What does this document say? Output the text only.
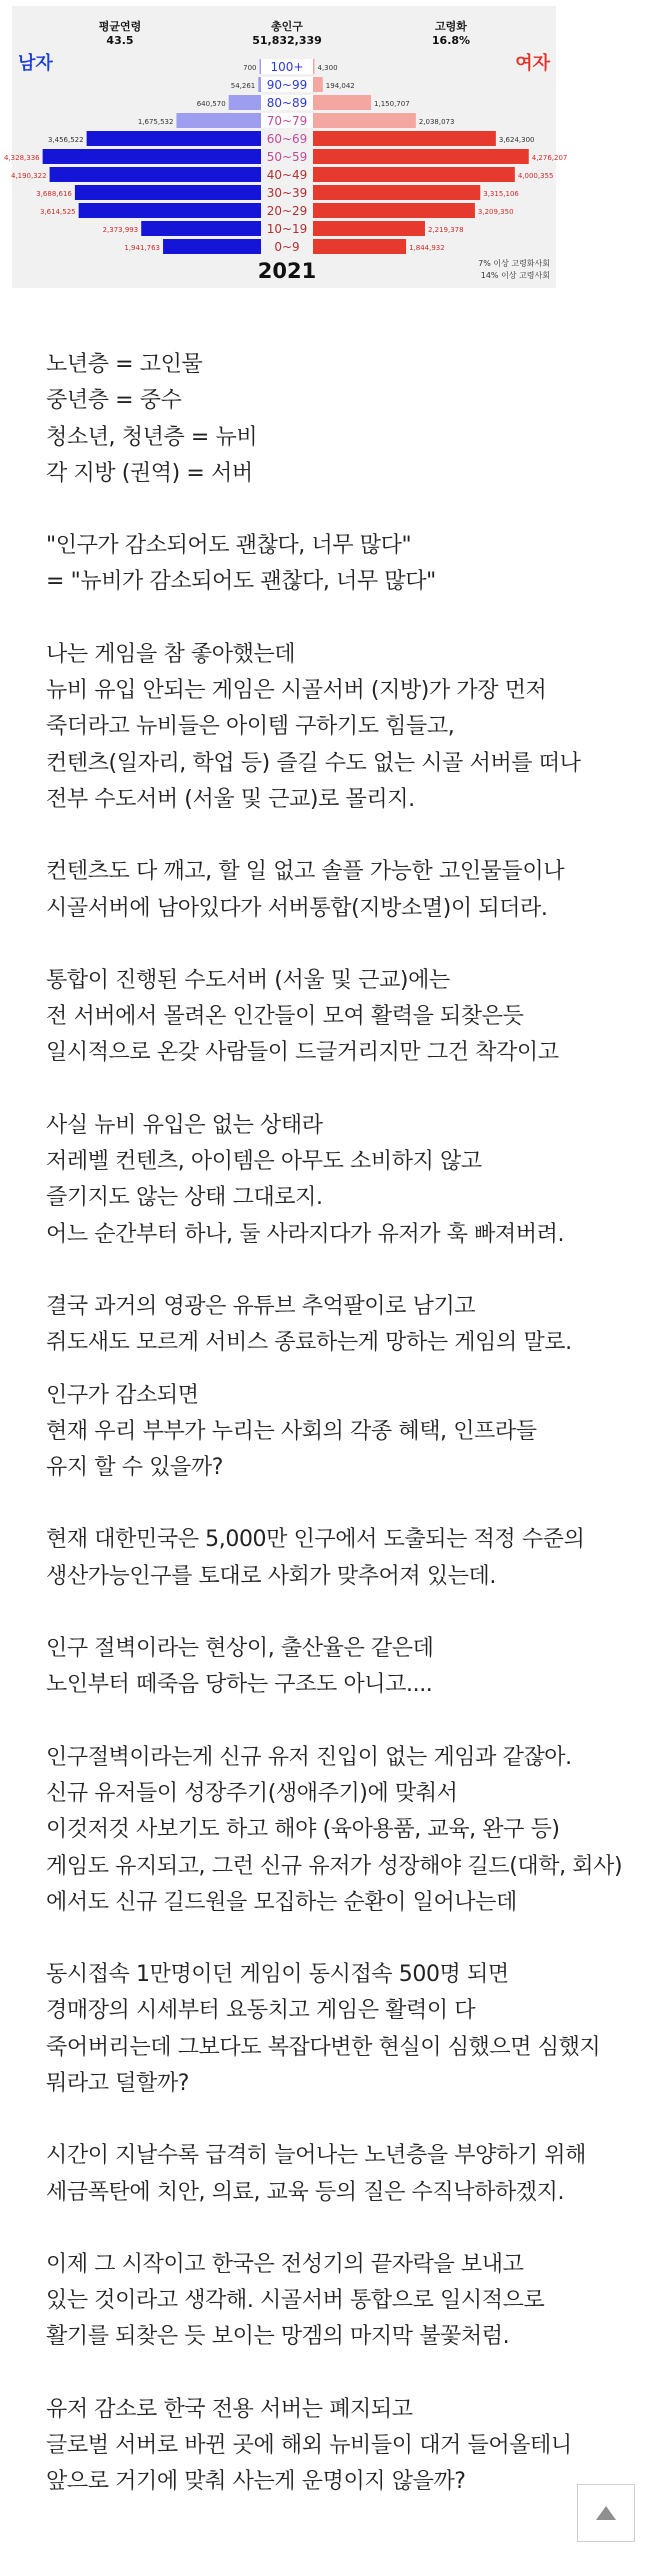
평균연령
43.5
총인구
51,832,339
고령화
16.8%
남자	여자
100+
700	4,300
90~99
54,261	194,042
80~89
640,570	1,150,707
70~79
1,675,532	2,038,073
60~69
3,456,522	3,624,300
50~59
4,328,336	4,276,207
40~49
4,190,322	4,000,355
30~39
3,688,616	3,315,106
20~29
3,614,525	3,209,350
10~19
2,373,993	2,219,378
0~9
1,941,763	1,844,932
2021	7% 이상 고령화사회
14% 이상 고령사회

노년층 = 고인물
중년층 = 중수
청소년, 청년층 = 뉴비
각 지방 (권역) = 서버

"인구가 감소되어도 괜찮다, 너무 많다"
= "뉴비가 감소되어도 괜찮다, 너무 많다"

나는 게임을 참 좋아했는데
뉴비 유입 안되는 게임은 시골서버 (지방)가 가장 먼저
죽더라고 뉴비들은 아이템 구하기도 힘들고,
컨텐츠(일자리, 학업 등) 즐길 수도 없는 시골 서버를 떠나
전부 수도서버 (서울 및 근교)로 몰리지.

컨텐츠도 다 깨고, 할 일 없고 솔플 가능한 고인물들이나
시골서버에 남아있다가 서버통합(지방소멸)이 되더라.

통합이 진행된 수도서버 (서울 및 근교)에는
전 서버에서 몰려온 인간들이 모여 활력을 되찾은듯
일시적으로 온갖 사람들이 드글거리지만 그건 착각이고

사실 뉴비 유입은 없는 상태라
저레벨 컨텐츠, 아이템은 아무도 소비하지 않고
즐기지도 않는 상태 그대로지.
어느 순간부터 하나, 둘 사라지다가 유저가 훅 빠져버려.

결국 과거의 영광은 유튜브 추억팔이로 남기고
쥐도새도 모르게 서비스 종료하는게 망하는 게임의 말로.

인구가 감소되면
현재 우리 부부가 누리는 사회의 각종 혜택, 인프라들
유지 할 수 있을까?

현재 대한민국은 5,000만 인구에서 도출되는 적정 수준의
생산가능인구를 토대로 사회가 맞추어져 있는데.

인구 절벽이라는 현상이, 출산율은 같은데
노인부터 떼죽음 당하는 구조도 아니고....

인구절벽이라는게 신규 유저 진입이 없는 게임과 같잖아.
신규 유저들이 성장주기(생애주기)에 맞춰서
이것저것 사보기도 하고 해야 (육아용품, 교육, 완구 등)
게임도 유지되고, 그런 신규 유저가 성장해야 길드(대학, 회사)
에서도 신규 길드원을 모집하는 순환이 일어나는데

동시접속 1만명이던 게임이 동시접속 500명 되면
경매장의 시세부터 요동치고 게임은 활력이 다
죽어버리는데 그보다도 복잡다변한 현실이 심했으면 심했지
뭐라고 덜할까?

시간이 지날수록 급격히 늘어나는 노년층을 부양하기 위해
세금폭탄에 치안, 의료, 교육 등의 질은 수직낙하하겠지.

이제 그 시작이고 한국은 전성기의 끝자락을 보내고
있는 것이라고 생각해. 시골서버 통합으로 일시적으로
활기를 되찾은 듯 보이는 망겜의 마지막 불꽃처럼.

유저 감소로 한국 전용 서버는 폐지되고
글로벌 서버로 바뀐 곳에 해외 뉴비들이 대거 들어올테니
앞으로 거기에 맞춰 사는게 운명이지 않을까?
